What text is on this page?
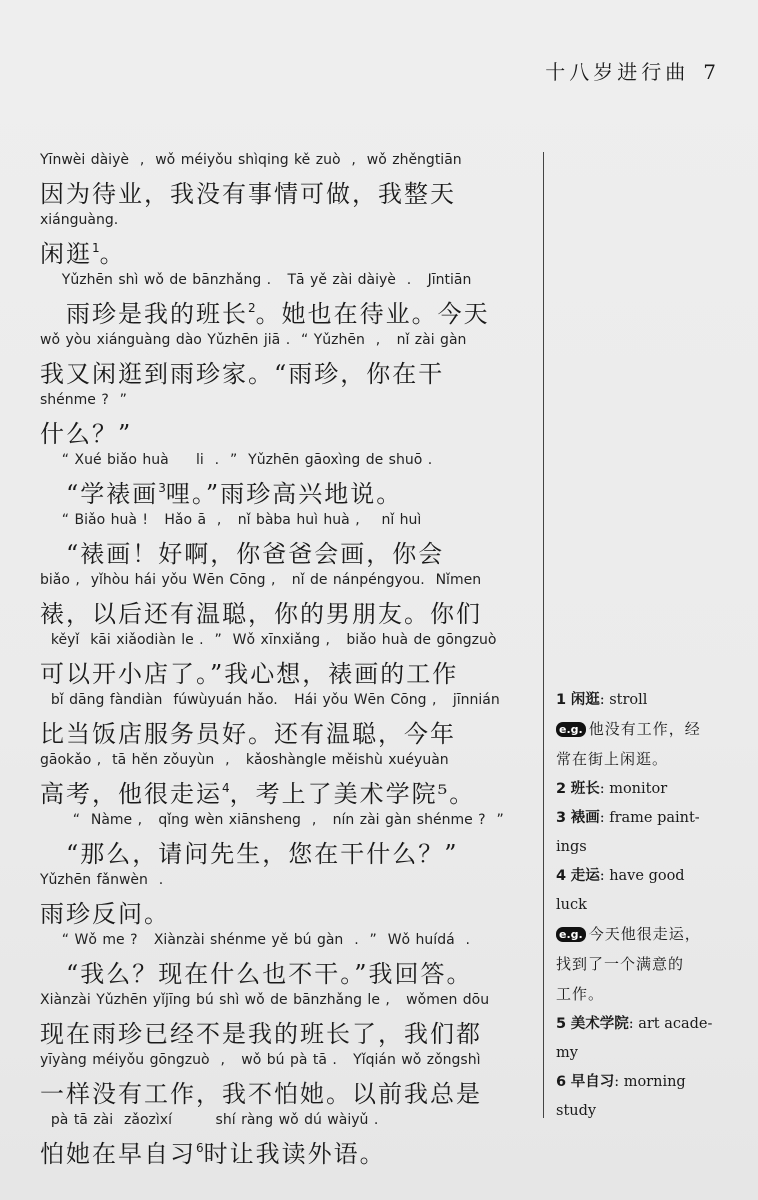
十八岁进行曲 7
Yīnwèi dàiyè  ,  wǒ méiyǒu shìqing kě zuò  ,  wǒ zhěngtiān
因为待业，我没有事情可做，我整天
xiánguàng.
闲逛$^1$。
Yǔzhēn shì wǒ de bānzhǎng .   Tā yě zài dàiyè  .   Jīntiān
　雨珍是我的班长$^2$。她也在待业。今天
wǒ yòu xiánguàng dào Yǔzhēn jiā .  “ Yǔzhēn  ,   nǐ zài gàn
我又闲逛到雨珍家。“雨珍，你在干
shénme ?  ”
什么？”
“ Xué biǎo huà     li  .  ”  Yǔzhēn gāoxìng de shuō .
　“学裱画$^3$哩。”雨珍高兴地说。
“ Biǎo huà !   Hǎo ā  ,   nǐ bàba huì huà ,    nǐ huì
　“裱画！好啊，你爸爸会画，你会
biǎo ,  yǐhòu hái yǒu Wēn Cōng ,   nǐ de nánpéngyou.  Nǐmen
裱，以后还有温聪，你的男朋友。你们
kěyǐ  kāi xiǎodiàn le .  ”  Wǒ xīnxiǎng ,   biǎo huà de gōngzuò
可以开小店了。”我心想，裱画的工作
bǐ dāng fàndiàn  fúwùyuán hǎo.   Hái yǒu Wēn Cōng ,   jīnnián
比当饭店服务员好。还有温聪，今年
gāokǎo ,  tā hěn zǒuyùn  ,   kǎoshàngle měishù xuéyuàn
高考，他很走运$^4$，考上了美术学院⁵。
“  Nàme ,   qǐng wèn xiānsheng  ,   nín zài gàn shénme ?  ”
　“那么，请问先生，您在干什么？”
Yǔzhēn fǎnwèn  .
雨珍反问。
“ Wǒ me ?   Xiànzài shénme yě bú gàn  .  ”  Wǒ huídá  .
　“我么？现在什么也不干。”我回答。
Xiànzài Yǔzhēn yǐjīng bú shì wǒ de bānzhǎng le ,   wǒmen dōu
现在雨珍已经不是我的班长了，我们都
yīyàng méiyǒu gōngzuò  ,   wǒ bú pà tā .   Yǐqián wǒ zǒngshì
一样没有工作，我不怕她。以前我总是
pà tā zài  zǎozìxí        shí ràng wǒ dú wàiyǔ .
怕她在早自习$^6$时让我读外语。
1 闲逛: stroll
e.g. 他没有工作，经
常在街上闲逛。
2 班长: monitor
3 裱画: frame paint-
ings
4 走运: have good
luck
e.g. 今天他很走运，
找到了一个满意的
工作。
5 美术学院: art acade-
my
6 早自习: morning
study
